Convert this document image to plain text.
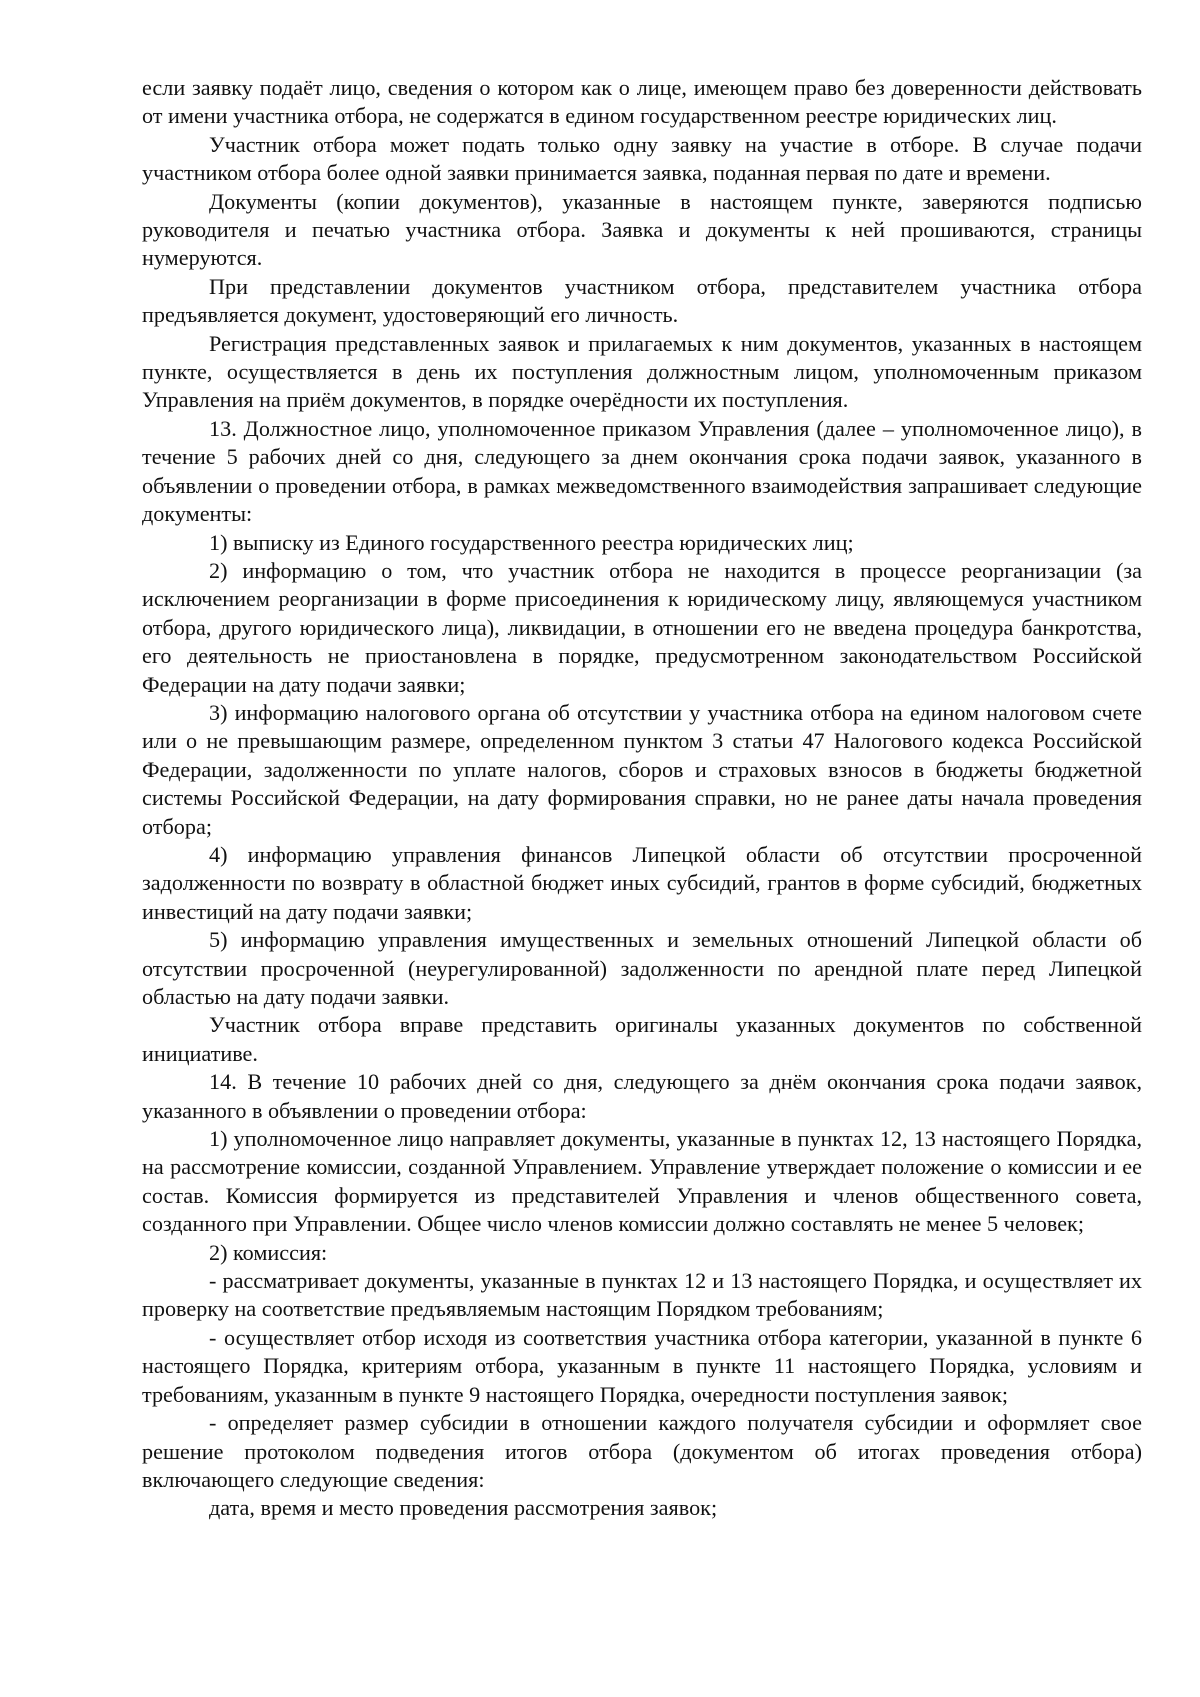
если заявку подаёт лицо, сведения о котором как о лице, имеющем право без доверенности действовать от имени участника отбора, не содержатся в едином государственном реестре юридических лиц.

Участник отбора может подать только одну заявку на участие в отборе. В случае подачи участником отбора более одной заявки принимается заявка, поданная первая по дате и времени.

Документы (копии документов), указанные в настоящем пункте, заверяются подписью руководителя и печатью участника отбора. Заявка и документы к ней прошиваются, страницы нумеруются.

При представлении документов участником отбора, представителем участника отбора предъявляется документ, удостоверяющий его личность.

Регистрация представленных заявок и прилагаемых к ним документов, указанных в настоящем пункте, осуществляется в день их поступления должностным лицом, уполномоченным приказом Управления на приём документов, в порядке очерёдности их поступления.

13. Должностное лицо, уполномоченное приказом Управления (далее – уполномоченное лицо), в течение 5 рабочих дней со дня, следующего за днем окончания срока подачи заявок, указанного в объявлении о проведении отбора, в рамках межведомственного взаимодействия запрашивает следующие документы:

1) выписку из Единого государственного реестра юридических лиц;

2) информацию о том, что участник отбора не находится в процессе реорганизации (за исключением реорганизации в форме присоединения к юридическому лицу, являющемуся участником отбора, другого юридического лица), ликвидации, в отношении его не введена процедура банкротства, его деятельность не приостановлена в порядке, предусмотренном законодательством Российской Федерации на дату подачи заявки;

3) информацию налогового органа об отсутствии у участника отбора на едином налоговом счете или о не превышающим размере, определенном пунктом 3 статьи 47 Налогового кодекса Российской Федерации, задолженности по уплате налогов, сборов и страховых взносов в бюджеты бюджетной системы Российской Федерации, на дату формирования справки, но не ранее даты начала проведения отбора;

4) информацию управления финансов Липецкой области об отсутствии просроченной задолженности по возврату в областной бюджет иных субсидий, грантов в форме субсидий, бюджетных инвестиций на дату подачи заявки;

5) информацию управления имущественных и земельных отношений Липецкой области об отсутствии просроченной (неурегулированной) задолженности по арендной плате перед Липецкой областью на дату подачи заявки.

Участник отбора вправе представить оригиналы указанных документов по собственной инициативе.

14. В течение 10 рабочих дней со дня, следующего за днём окончания срока подачи заявок, указанного в объявлении о проведении отбора:

1) уполномоченное лицо направляет документы, указанные в пунктах 12, 13 настоящего Порядка, на рассмотрение комиссии, созданной Управлением. Управление утверждает положение о комиссии и ее состав. Комиссия формируется из представителей Управления и членов общественного совета, созданного при Управлении. Общее число членов комиссии должно составлять не менее 5 человек;

2) комиссия:

- рассматривает документы, указанные в пунктах 12 и 13 настоящего Порядка, и осуществляет их проверку на соответствие предъявляемым настоящим Порядком требованиям;

- осуществляет отбор исходя из соответствия участника отбора категории, указанной в пункте 6 настоящего Порядка, критериям отбора, указанным в пункте 11 настоящего Порядка, условиям и требованиям, указанным в пункте 9 настоящего Порядка, очередности поступления заявок;

- определяет размер субсидии в отношении каждого получателя субсидии и оформляет свое решение протоколом подведения итогов отбора (документом об итогах проведения отбора) включающего следующие сведения:

дата, время и место проведения рассмотрения заявок;
